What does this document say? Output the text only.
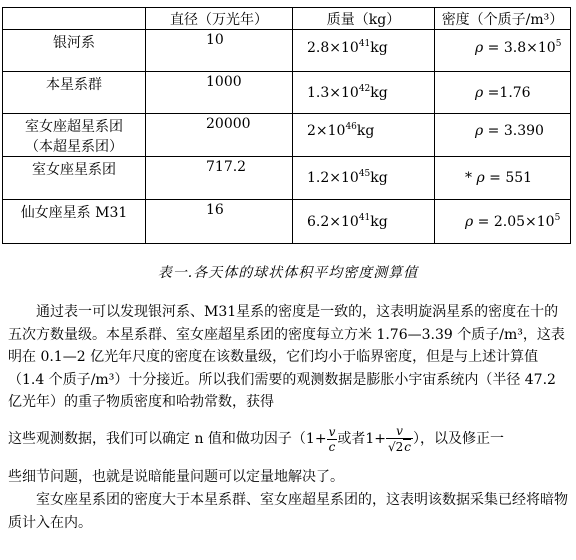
	直径（万光年）	质量（kg）	密度（个质子/m³）

银河系	10	$2.8\times 10^{41}kg$	$\rho = 3.8\times 10^5$

本星系群	1000	$1.3\times 10^{42}kg$	ρ =1.76

室女座超星系团
（本超星系团）	20000	$2\times 10^{46}kg$	ρ = 3.390

室女座星系团	717.2	$1.2\times 10^{45}kg$	* ρ = 551

仙女座星系 M31	16	$6.2\times 10^{41}kg$	$\rho = 2.05\times 10^5$
表一.各天体的球状体积平均密度测算值

　　通过表一可以发现银河系、M31星系的密度是一致的，这表明旋涡星系的密度在十的五次方数量级。本星系群、室女座超星系团的密度每立方米 1.76—3.39 个质子/m³，这表明在 0.1—2 亿光年尺度的密度在该数量级，它们均小于临界密度，但是与上述计算值（1.4 个质子/m³）十分接近。所以我们需要的观测数据是膨胀小宇宙系统内（半径 47.2 亿光年）的重子物质密度和哈勃常数，获得

这些观测数据，我们可以确定 n 值和做功因子（$1+ \frac{v}{c}$ 或者$1+ \frac{v}{√2c}$ ），以及修正一

些细节问题，也就是说暗能量问题可以定量地解决了。

　　室女座星系团的密度大于本星系群、室女座超星系团的，这表明该数据采集已经将暗物质计入在内。
